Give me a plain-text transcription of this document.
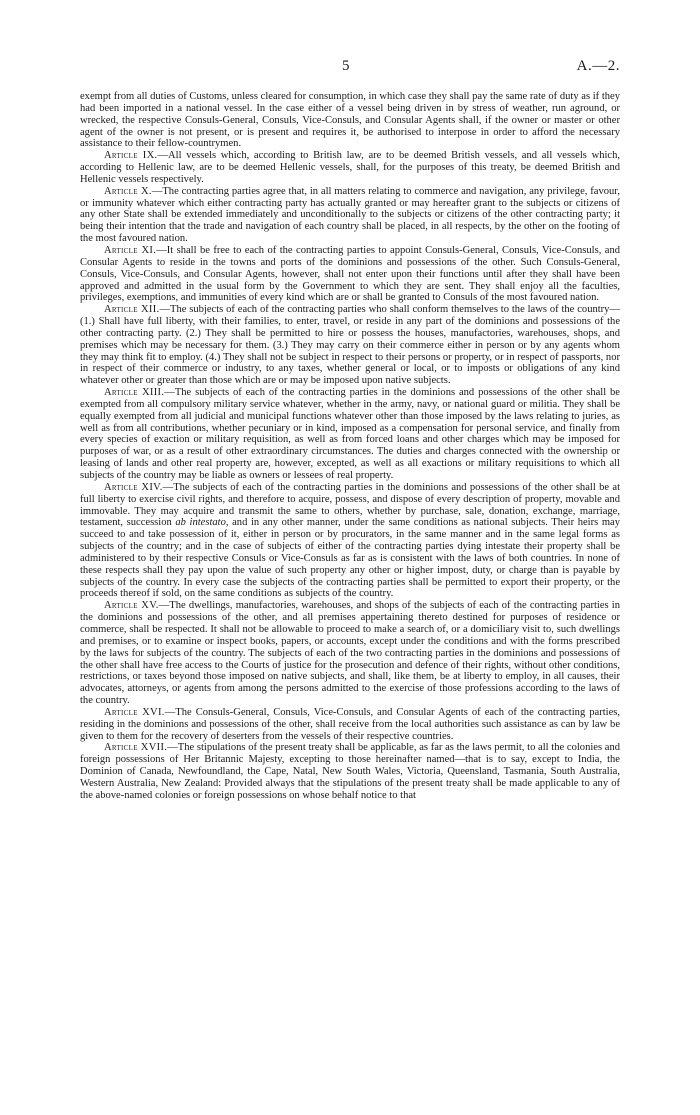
5	A.—2.

exempt from all duties of Customs, unless cleared for consumption, in which case they shall pay the same rate of duty as if they had been imported in a national vessel. In the case either of a vessel being driven in by stress of weather, run aground, or wrecked, the respective Consuls-General, Consuls, Vice-Consuls, and Consular Agents shall, if the owner or master or other agent of the owner is not present, or is present and requires it, be authorised to interpose in order to afford the necessary assistance to their fellow-countrymen.

Article IX.—All vessels which, according to British law, are to be deemed British vessels, and all vessels which, according to Hellenic law, are to be deemed Hellenic vessels, shall, for the purposes of this treaty, be deemed British and Hellenic vessels respectively.

Article X.—The contracting parties agree that, in all matters relating to commerce and navigation, any privilege, favour, or immunity whatever which either contracting party has actually granted or may hereafter grant to the subjects or citizens of any other State shall be extended immediately and unconditionally to the subjects or citizens of the other contracting party; it being their intention that the trade and navigation of each country shall be placed, in all respects, by the other on the footing of the most favoured nation.

Article XI.—It shall be free to each of the contracting parties to appoint Consuls-General, Consuls, Vice-Consuls, and Consular Agents to reside in the towns and ports of the dominions and possessions of the other. Such Consuls-General, Consuls, Vice-Consuls, and Consular Agents, however, shall not enter upon their functions until after they shall have been approved and admitted in the usual form by the Government to which they are sent. They shall enjoy all the faculties, privileges, exemptions, and immunities of every kind which are or shall be granted to Consuls of the most favoured nation.

Article XII.—The subjects of each of the contracting parties who shall conform themselves to the laws of the country—(1.) Shall have full liberty, with their families, to enter, travel, or reside in any part of the dominions and possessions of the other contracting party. (2.) They shall be permitted to hire or possess the houses, manufactories, warehouses, shops, and premises which may be necessary for them. (3.) They may carry on their commerce either in person or by any agents whom they may think fit to employ. (4.) They shall not be subject in respect to their persons or property, or in respect of passports, nor in respect of their commerce or industry, to any taxes, whether general or local, or to imposts or obligations of any kind whatever other or greater than those which are or may be imposed upon native subjects.

Article XIII.—The subjects of each of the contracting parties in the dominions and possessions of the other shall be exempted from all compulsory military service whatever, whether in the army, navy, or national guard or militia. They shall be equally exempted from all judicial and municipal functions whatever other than those imposed by the laws relating to juries, as well as from all contributions, whether pecuniary or in kind, imposed as a compensation for personal service, and finally from every species of exaction or military requisition, as well as from forced loans and other charges which may be imposed for purposes of war, or as a result of other extraordinary circumstances. The duties and charges connected with the ownership or leasing of lands and other real property are, however, excepted, as well as all exactions or military requisitions to which all subjects of the country may be liable as owners or lessees of real property.

Article XIV.—The subjects of each of the contracting parties in the dominions and possessions of the other shall be at full liberty to exercise civil rights, and therefore to acquire, possess, and dispose of every description of property, movable and immovable. They may acquire and transmit the same to others, whether by purchase, sale, donation, exchange, marriage, testament, succession ab intestato, and in any other manner, under the same conditions as national subjects. Their heirs may succeed to and take possession of it, either in person or by procurators, in the same manner and in the same legal forms as subjects of the country; and in the case of subjects of either of the contracting parties dying intestate their property shall be administered to by their respective Consuls or Vice-Consuls as far as is consistent with the laws of both countries. In none of these respects shall they pay upon the value of such property any other or higher impost, duty, or charge than is payable by subjects of the country. In every case the subjects of the contracting parties shall be permitted to export their property, or the proceeds thereof if sold, on the same conditions as subjects of the country.

Article XV.—The dwellings, manufactories, warehouses, and shops of the subjects of each of the contracting parties in the dominions and possessions of the other, and all premises appertaining thereto destined for purposes of residence or commerce, shall be respected. It shall not be allowable to proceed to make a search of, or a domiciliary visit to, such dwellings and premises, or to examine or inspect books, papers, or accounts, except under the conditions and with the forms prescribed by the laws for subjects of the country. The subjects of each of the two contracting parties in the dominions and possessions of the other shall have free access to the Courts of justice for the prosecution and defence of their rights, without other conditions, restrictions, or taxes beyond those imposed on native subjects, and shall, like them, be at liberty to employ, in all causes, their advocates, attorneys, or agents from among the persons admitted to the exercise of those professions according to the laws of the country.

Article XVI.—The Consuls-General, Consuls, Vice-Consuls, and Consular Agents of each of the contracting parties, residing in the dominions and possessions of the other, shall receive from the local authorities such assistance as can by law be given to them for the recovery of deserters from the vessels of their respective countries.

Article XVII.—The stipulations of the present treaty shall be applicable, as far as the laws permit, to all the colonies and foreign possessions of Her Britannic Majesty, excepting to those hereinafter named—that is to say, except to India, the Dominion of Canada, Newfoundland, the Cape, Natal, New South Wales, Victoria, Queensland, Tasmania, South Australia, Western Australia, New Zealand: Provided always that the stipulations of the present treaty shall be made applicable to any of the above-named colonies or foreign possessions on whose behalf notice to that
